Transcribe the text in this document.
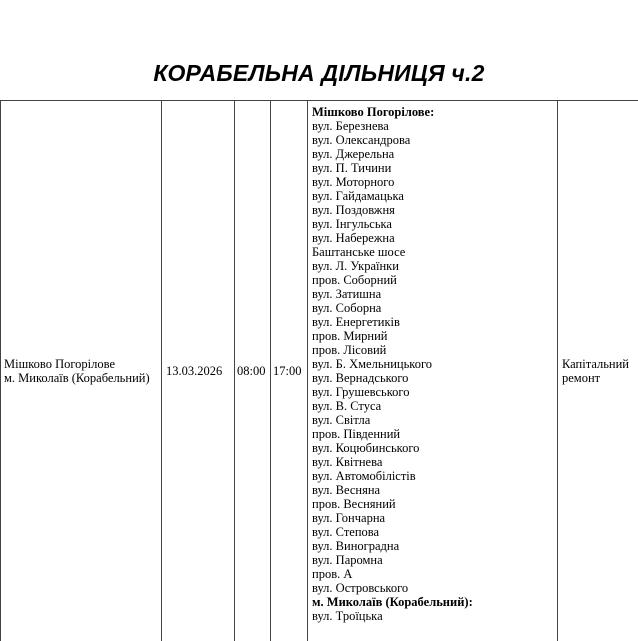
КОРАБЕЛЬНА ДІЛЬНИЦЯ ч.2
Мішково Погорілове
м. Миколаїв (Корабельний) 13.03.2026 08:00 17:00
Мішково Погорілове:
вул. Березнева
вул. Олександрова
вул. Джерельна
вул. П. Тичини
вул. Моторного
вул. Гайдамацька
вул. Поздовжня
вул. Інгульська
вул. Набережна
Баштанське шосе
вул. Л. Українки
пров. Соборний
вул. Затишна
вул. Соборна
вул. Енергетиків
пров. Мирний
пров. Лісовий
вул. Б. Хмельницького
вул. Вернадського
вул. Грушевського
вул. В. Стуса
вул. Світла
пров. Південний
вул. Коцюбинського
вул. Квітнева
вул. Автомобілістів
вул. Весняна
пров. Весняний
вул. Гончарна
вул. Степова
вул. Виноградна
вул. Паромна
пров. А
вул. Островського
м. Миколаїв (Корабельний):
вул. Троїцька
Капітальний
ремонт
